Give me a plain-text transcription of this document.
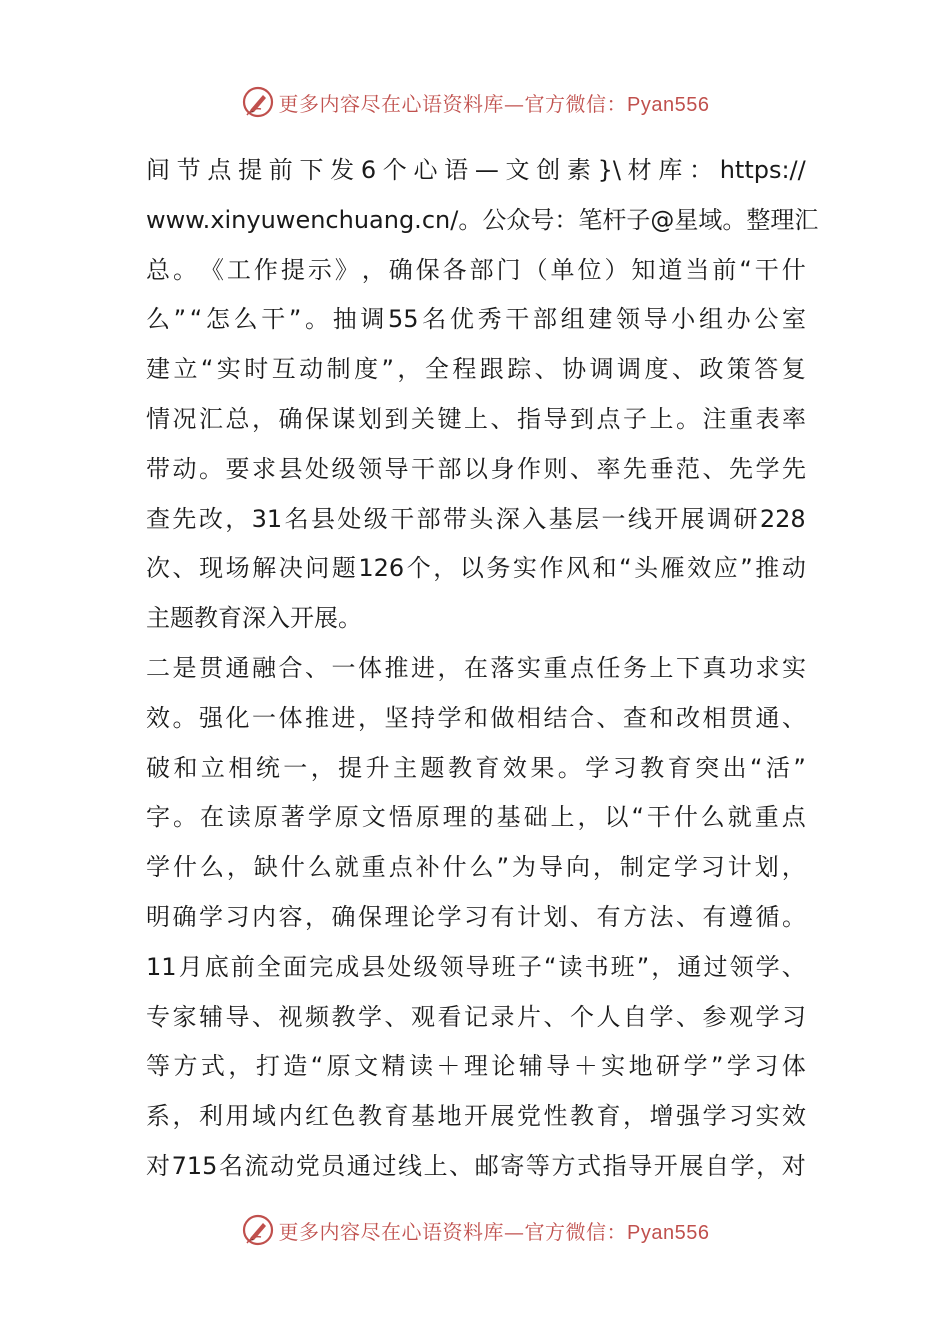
更多内容尽在心语资料库—官方微信：Pyan556
间 节 点 提 前 下 发 6 个 心 语 — 文 创 素 }\ 材 库 ： https://
www.xinyuwenchuang.cn/ 。 公 众 号 ： 笔 杆 子 @ 星 域 。 整 理 汇
总 。 《 工 作 提 示 》 ， 确 保 各 部 门 （ 单 位 ） 知 道 当 前 “ 干 什
么 ” “ 怎 么 干 ” 。 抽 调 55 名 优 秀 干 部 组 建 领 导 小 组 办 公 室
建 立 “ 实 时 互 动 制 度 ” ， 全 程 跟 踪 、 协 调 调 度 、 政 策 答 复
情 况 汇 总 ， 确 保 谋 划 到 关 键 上 、 指 导 到 点 子 上 。 注 重 表 率
带 动 。 要 求 县 处 级 领 导 干 部 以 身 作 则 、 率 先 垂 范 、 先 学 先
查 先 改 ， 31 名 县 处 级 干 部 带 头 深 入 基 层 一 线 开 展 调 研 228
次 、 现 场 解 决 问 题 126 个 ， 以 务 实 作 风 和 “ 头 雁 效 应 ” 推 动
主 题 教 育 深 入 开 展 。
二 是 贯 通 融 合 、 一 体 推 进 ， 在 落 实 重 点 任 务 上 下 真 功 求 实
效 。 强 化 一 体 推 进 ， 坚 持 学 和 做 相 结 合 、 查 和 改 相 贯 通 、
破 和 立 相 统 一 ， 提 升 主 题 教 育 效 果 。 学 习 教 育 突 出 “ 活 ”
字 。 在 读 原 著 学 原 文 悟 原 理 的 基 础 上 ， 以 “ 干 什 么 就 重 点
学 什 么 ， 缺 什 么 就 重 点 补 什 么 ” 为 导 向 ， 制 定 学 习 计 划 ，
明 确 学 习 内 容 ， 确 保 理 论 学 习 有 计 划 、 有 方 法 、 有 遵 循 。
11 月 底 前 全 面 完 成 县 处 级 领 导 班 子 “ 读 书 班 ” ， 通 过 领 学 、
专 家 辅 导 、 视 频 教 学 、 观 看 记 录 片 、 个 人 自 学 、 参 观 学 习
等 方 式 ， 打 造 “ 原 文 精 读 ＋ 理 论 辅 导 ＋ 实 地 研 学 ” 学 习 体
系 ， 利 用 域 内 红 色 教 育 基 地 开 展 党 性 教 育 ， 增 强 学 习 实 效
对 715 名 流 动 党 员 通 过 线 上 、 邮 寄 等 方 式 指 导 开 展 自 学 ， 对
更多内容尽在心语资料库—官方微信：Pyan556
